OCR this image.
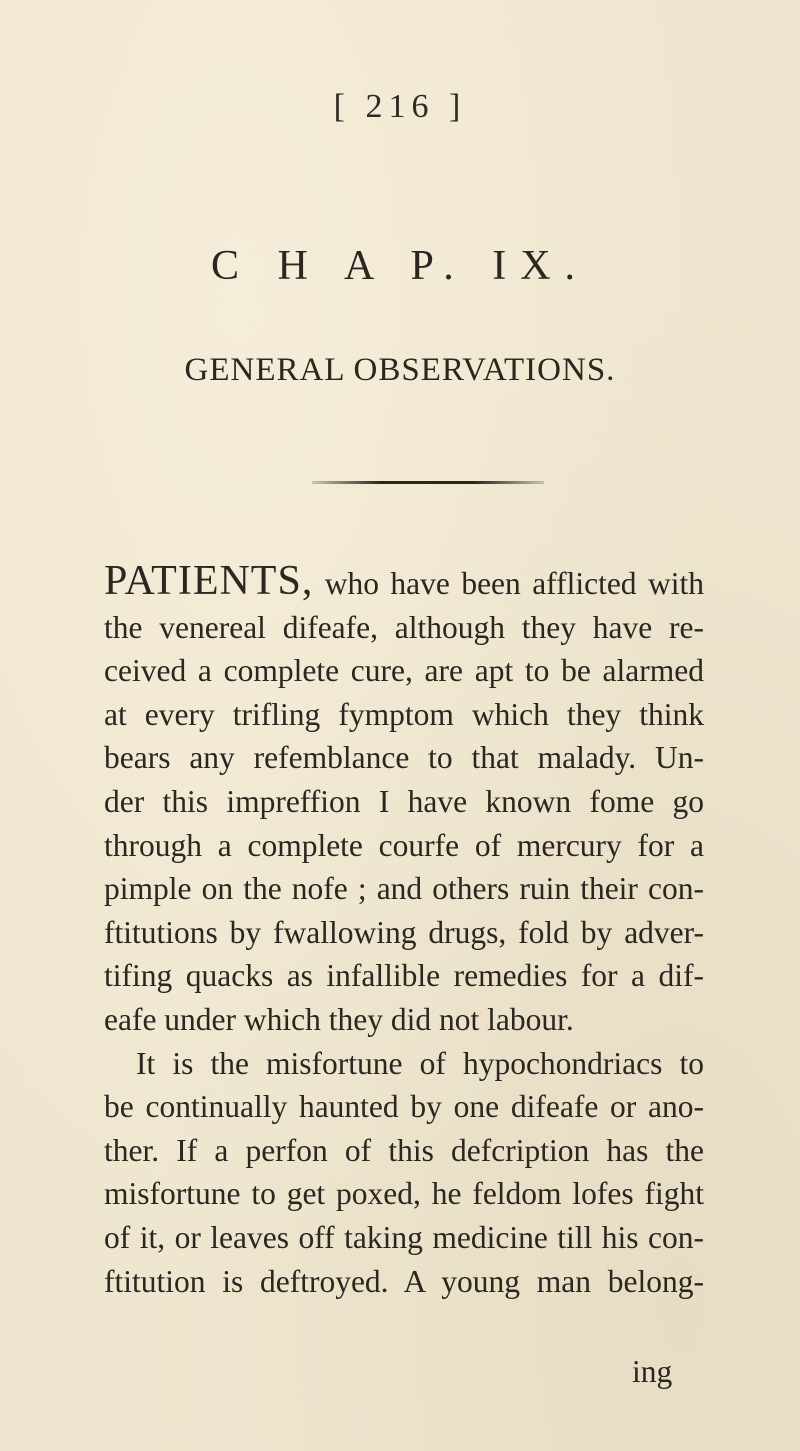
[ 216 ]
C H A P. IX.
GENERAL OBSERVATIONS.
PATIENTS, who have been afflicted with
the venereal difeafe, although they have re-
ceived a complete cure, are apt to be alarmed
at every trifling fymptom which they think
bears any refemblance to that malady. Un-
der this impreffion I have known fome go
through a complete courfe of mercury for a
pimple on the nofe ; and others ruin their con-
ftitutions by fwallowing drugs, fold by adver-
tifing quacks as infallible remedies for a dif-
eafe under which they did not labour.
It is the misfortune of hypochondriacs to
be continually haunted by one difeafe or ano-
ther. If a perfon of this defcription has the
misfortune to get poxed, he feldom lofes fight
of it, or leaves off taking medicine till his con-
ftitution is deftroyed. A young man belong-
ing
